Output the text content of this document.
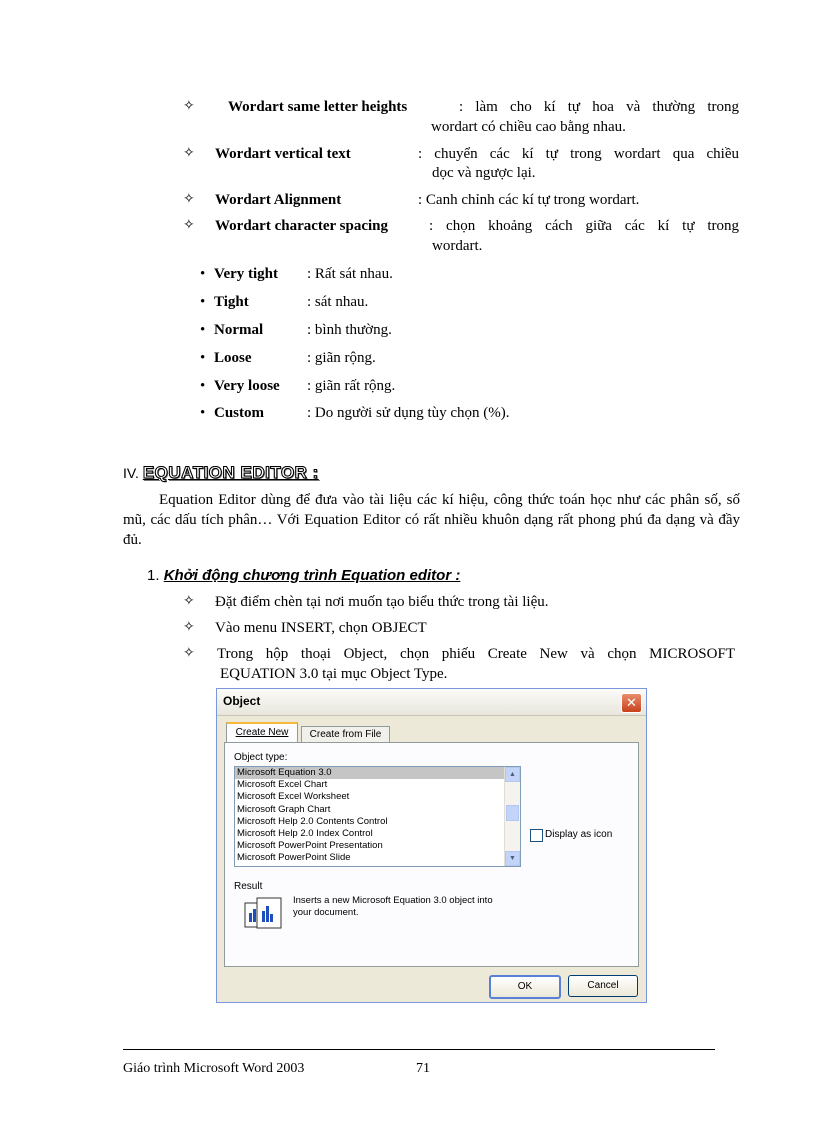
✧ Wordart same letter heights	: làm cho kí tự hoa và thường trong
wordart có chiều cao bằng nhau.
✧ Wordart vertical text	: chuyển các kí tự trong wordart qua chiều
dọc và ngược lại.
✧ Wordart Alignment	: Canh chỉnh các kí tự trong wordart.
✧ Wordart character spacing	: chọn khoảng cách giữa các kí tự trong
wordart.
• Very tight : Rất sát nhau.
• Tight	: sát nhau.
• Normal	: bình thường.
• Loose	: giãn rộng.
• Very loose : giãn rất rộng.
• Custom	: Do người sử dụng tùy chọn (%).
IV. EQUATION EDITOR :

Equation Editor dùng để đưa vào tài liệu các kí hiệu, công thức toán học như các phân số, số mũ, các dấu tích phân… Với Equation Editor có rất nhiều khuôn dạng rất phong phú đa dạng và đầy đủ.

1. Khởi động chương trình Equation editor :
✧ Đặt điểm chèn tại nơi muốn tạo biểu thức trong tài liệu.
✧ Vào menu INSERT, chọn OBJECT
✧ Trong hộp thoại Object, chọn phiếu Create New và chọn MICROSOFT
EQUATION 3.0 tại mục Object Type.
Object	✕
Create New	Create from File
Object type:
Microsoft Equation 3.0
Microsoft Excel Chart
Microsoft Excel Worksheet
Microsoft Graph Chart
Microsoft Help 2.0 Contents Control
Microsoft Help 2.0 Index Control
Microsoft PowerPoint Presentation
Microsoft PowerPoint Slide
▲
▼
Display as icon
Result
Inserts a new Microsoft Equation 3.0 object into
your document.
OK	Cancel
Giáo trình Microsoft Word 2003	71
